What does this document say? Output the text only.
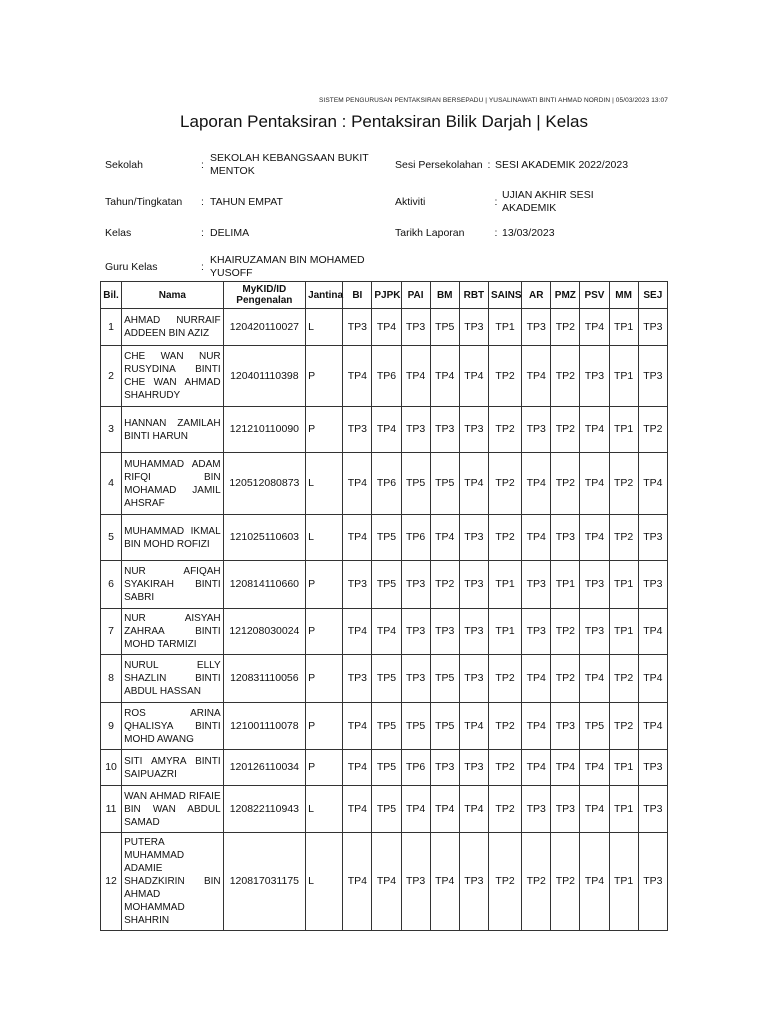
SISTEM PENGURUSAN PENTAKSIRAN BERSEPADU | YUSALINAWATI BINTI AHMAD NORDIN | 05/03/2023 13:07
Laporan Pentaksiran : Pentaksiran Bilik Darjah | Kelas
Sekolah	:
SEKOLAH KEBANGSAAN BUKIT MENTOK
Sesi Persekolahan : SESI AKADEMIK 2022/2023
Tahun/Tingkatan	: TAHUN EMPAT	Aktiviti	:
UJIAN AKHIR SESI AKADEMIK
Kelas	: DELIMA	Tarikh Laporan	: 13/03/2023
Guru Kelas	:
KHAIRUZAMAN BIN MOHAMED YUSOFF
Bil.	Nama	MyKID/ID Pengenalan	Jantina	BI	PJPK	PAI	BM	RBT	SAINS	AR	PMZ	PSV	MM	SEJ
1	AHMAD NURRAIF ADDEEN BIN AZIZ	120420110027	L	TP3	TP4	TP3	TP5	TP3	TP1	TP3	TP2	TP4	TP1	TP3
2	CHE WAN NUR RUSYDINA BINTI CHE WAN AHMAD SHAHRUDY	120401110398	P	TP4	TP6	TP4	TP4	TP4	TP2	TP4	TP2	TP3	TP1	TP3
3	HANNAN ZAMILAH BINTI HARUN	121210110090	P	TP3	TP4	TP3	TP3	TP3	TP2	TP3	TP2	TP4	TP1	TP2
4	MUHAMMAD ADAM RIFQI BIN MOHAMAD JAMIL AHSRAF	120512080873	L	TP4	TP6	TP5	TP5	TP4	TP2	TP4	TP2	TP4	TP2	TP4
5	MUHAMMAD IKMAL BIN MOHD ROFIZI	121025110603	L	TP4	TP5	TP6	TP4	TP3	TP2	TP4	TP3	TP4	TP2	TP3
6	NUR AFIQAH SYAKIRAH BINTI SABRI	120814110660	P	TP3	TP5	TP3	TP2	TP3	TP1	TP3	TP1	TP3	TP1	TP3
7	NUR AISYAH ZAHRAA BINTI MOHD TARMIZI	121208030024	P	TP4	TP4	TP3	TP3	TP3	TP1	TP3	TP2	TP3	TP1	TP4
8	NURUL ELLY SHAZLIN BINTI ABDUL HASSAN	120831110056	P	TP3	TP5	TP3	TP5	TP3	TP2	TP4	TP2	TP4	TP2	TP4
9	ROS ARINA QHALISYA BINTI MOHD AWANG	121001110078	P	TP4	TP5	TP5	TP5	TP4	TP2	TP4	TP3	TP5	TP2	TP4
10	SITI AMYRA BINTI SAIPUAZRI	120126110034	P	TP4	TP5	TP6	TP3	TP3	TP2	TP4	TP4	TP4	TP1	TP3
11	WAN AHMAD RIFAIE BIN WAN ABDUL SAMAD	120822110943	L	TP4	TP5	TP4	TP4	TP4	TP2	TP3	TP3	TP4	TP1	TP3
12	PUTERA MUHAMMAD ADAMIE SHADZKIRIN BIN AHMAD MOHAMMAD SHAHRIN	120817031175	L	TP4	TP4	TP3	TP4	TP3	TP2	TP2	TP2	TP4	TP1	TP3
